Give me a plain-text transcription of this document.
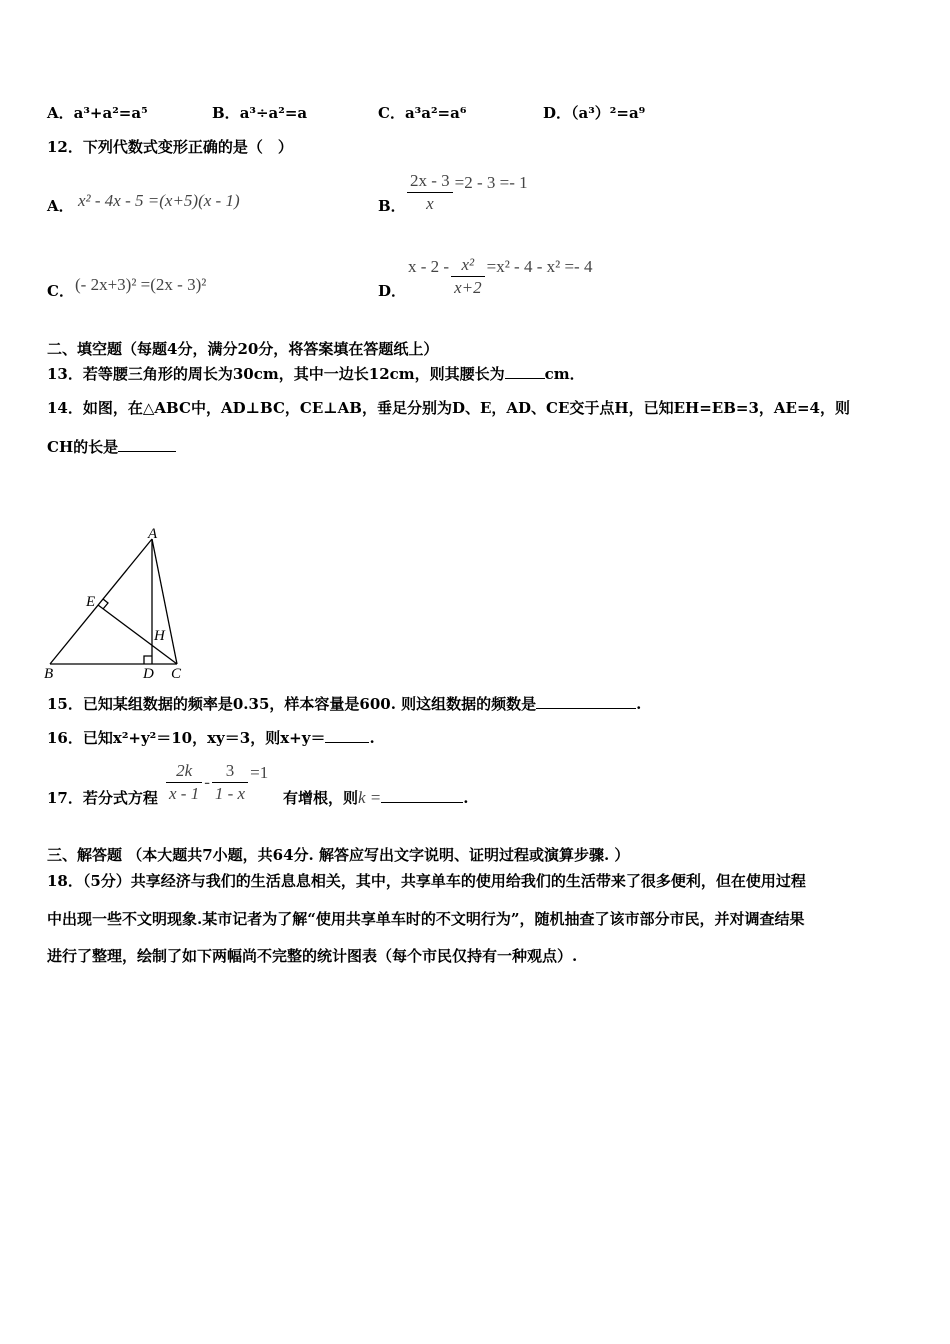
A．a³+a²=a⁵	B．a³÷a²=a	C．a³a²=a⁶	D．（a³）²=a⁹
12．下列代数式变形正确的是（　）
A． x² - 4x - 5 =(x+5)(x - 1)	B． $\frac{2x - 3}{x} =2 - 3 =- 1$
C． (- 2x+3)² =(2x - 3)²	D．
$x - 2 - \frac{\text{x²}}{x+2} =x^2 - 4 - x^2 =- 4$
二、填空题（每题4分，满分20分，将答案填在答题纸上）
13．若等腰三角形的周长为30cm，其中一边长12cm，则其腰长为	cm．
14．如图，在△ABC中，AD⊥BC，CE⊥AB，垂足分别为D、E，AD、CE交于点H，已知EH=EB=3，AE=4，则
CH的长是
A
B	C
D
E
H
15．已知某组数据的频率是0.35，样本容量是600. 则这组数据的频数是	.
16．已知x²+y²＝10，xy＝3，则x+y＝	.
17．若分式方程 $\frac{2k}{x - 1} - \frac{3}{1 - x} =1$
有增根，则k =	.
三、解答题 （本大题共7小题，共64分. 解答应写出文字说明、证明过程或演算步骤. ）
18．（5分）共享经济与我们的生活息息相关，其中，共享单车的使用给我们的生活带来了很多便利，但在使用过程
中出现一些不文明现象.某市记者为了解“使用共享单车时的不文明行为”，随机抽查了该市部分市民，并对调查结果
进行了整理，绘制了如下两幅尚不完整的统计图表（每个市民仅持有一种观点）.
